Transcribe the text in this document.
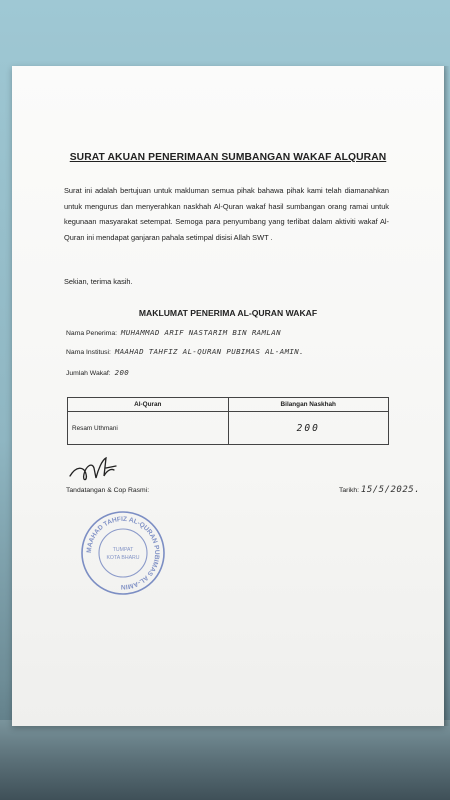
SURAT AKUAN PENERIMAAN SUMBANGAN WAKAF ALQURAN
Surat ini adalah bertujuan untuk makluman semua pihak bahawa pihak kami telah diamanahkan untuk mengurus dan menyerahkan naskhah Al-Quran wakaf hasil sumbangan orang ramai untuk kegunaan masyarakat setempat. Semoga para penyumbang yang terlibat dalam aktiviti wakaf Al-Quran ini mendapat ganjaran pahala setimpal disisi Allah SWT .
Sekian, terima kasih.
MAKLUMAT PENERIMA AL-QURAN WAKAF
Nama Penerima: MUHAMMAD ARIF NASTARIM BIN RAMLAN
Nama Institusi: MAAHAD TAHFIZ AL-QURAN PUBIMAS AL-AMIN.
Jumlah Wakaf: 200
Al-Quran	Bilangan Naskhah
Resam Uthmani	200
Tandatangan & Cop Rasmi:	Tarikh: 15/5/2025.
MAAHAD TAHFIZ AL-QURAN PUBIMAS AL-AMIN
TUMPAT
KOTA BHARU
